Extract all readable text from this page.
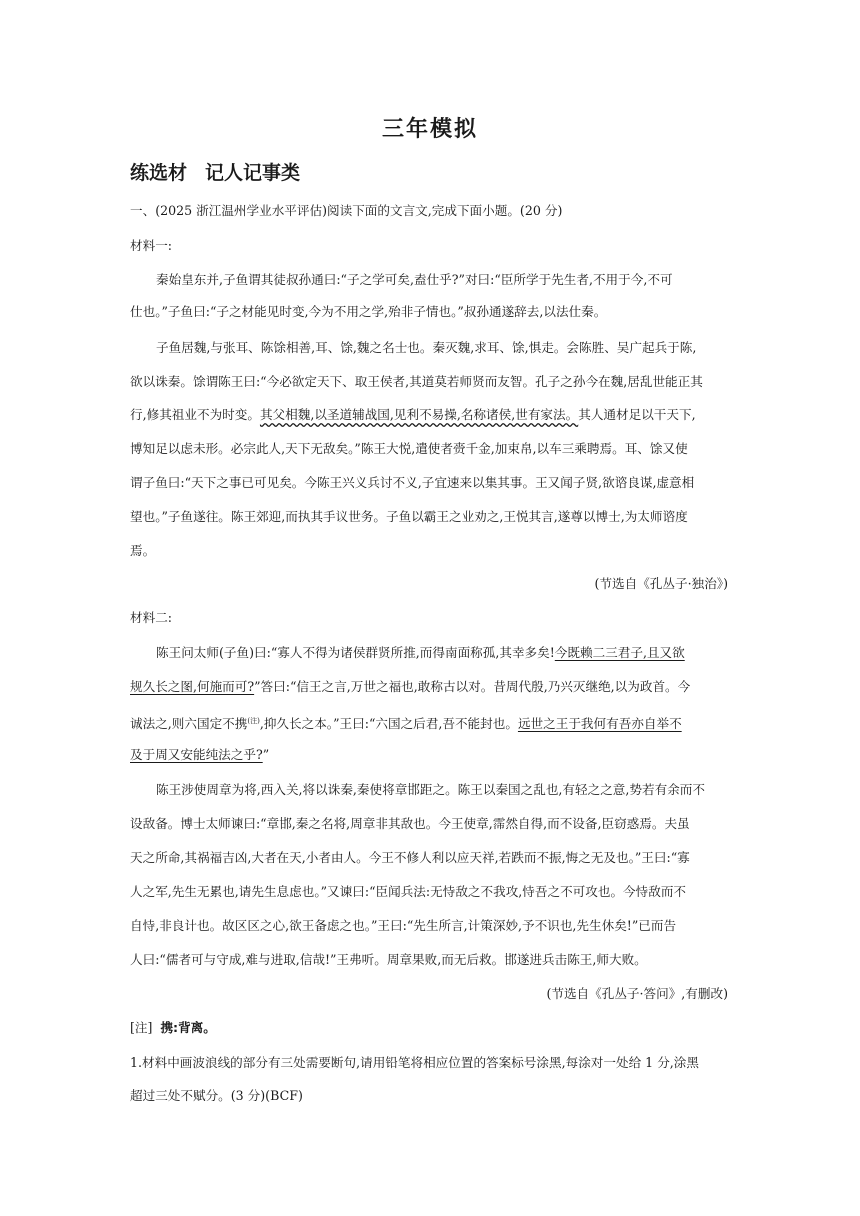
三年模拟
练选材 记人记事类
一、(2025 浙江温州学业水平评估)阅读下面的文言文,完成下面小题。(20 分)
材料一:
秦始皇东并,子鱼谓其徒叔孙通曰:“子之学可矣,盍仕乎?”对曰:“臣所学于先生者,不用于今,不可
仕也。”子鱼曰:“子之材能见时变,今为不用之学,殆非子情也。”叔孙通遂辞去,以法仕秦。
子鱼居魏,与张耳、陈馀相善,耳、馀,魏之名士也。秦灭魏,求耳、馀,惧走。会陈胜、吴广起兵于陈,
欲以诛秦。馀谓陈王曰:“今必欲定天下、取王侯者,其道莫若师贤而友智。孔子之孙今在魏,居乱世能正其
行,修其祖业不为时变。其父相魏,以圣道辅战国,见利不易操,名称诸侯,世有家法。其人通材足以干天下,
博知足以虑未形。必宗此人,天下无敌矣。”陈王大悦,遣使者赍千金,加束帛,以车三乘聘焉。耳、馀又使
谓子鱼曰:“天下之事已可见矣。今陈王兴义兵讨不义,子宜速来以集其事。王又闻子贤,欲谘良谋,虚意相
望也。”子鱼遂往。陈王郊迎,而执其手议世务。子鱼以霸王之业劝之,王悦其言,遂尊以博士,为太师谘度
焉。
(节选自《孔丛子·独治》)
材料二:
陈王问太师(子鱼)曰:“寡人不得为诸侯群贤所推,而得南面称孤,其幸多矣!今既赖二三君子,且又欲
规久长之图,何施而可?”答曰:“信王之言,万世之福也,敢称古以对。昔周代殷,乃兴灭继绝,以为政首。今
诚法之,则六国定不携$^{(注)}$,抑久长之本。”王曰:“六国之后君,吾不能封也。远世之王于我何有吾亦自举不
及于周又安能纯法之乎?”
陈王涉使周章为将,西入关,将以诛秦,秦使将章邯距之。陈王以秦国之乱也,有轻之之意,势若有余而不
设敌备。博士太师谏曰:“章邯,秦之名将,周章非其敌也。今王使章,霈然自得,而不设备,臣窃惑焉。夫虽
天之所命,其祸福吉凶,大者在天,小者由人。今王不修人利以应天祥,若跌而不振,悔之无及也。”王曰:“寡
人之军,先生无累也,请先生息虑也。”又谏曰:“臣闻兵法:无恃敌之不我攻,恃吾之不可攻也。今恃敌而不
自恃,非良计也。故区区之心,欲王备虑之也。”王曰:“先生所言,计策深妙,予不识也,先生休矣!”已而告
人曰:“儒者可与守成,难与进取,信哉!”王弗听。周章果败,而无后救。邯遂进兵击陈王,师大败。
(节选自《孔丛子·答问》,有删改)
[注] 携:背离。
1.材料中画波浪线的部分有三处需要断句,请用铅笔将相应位置的答案标号涂黑,每涂对一处给 1 分,涂黑
超过三处不赋分。(3 分)(BCF)
